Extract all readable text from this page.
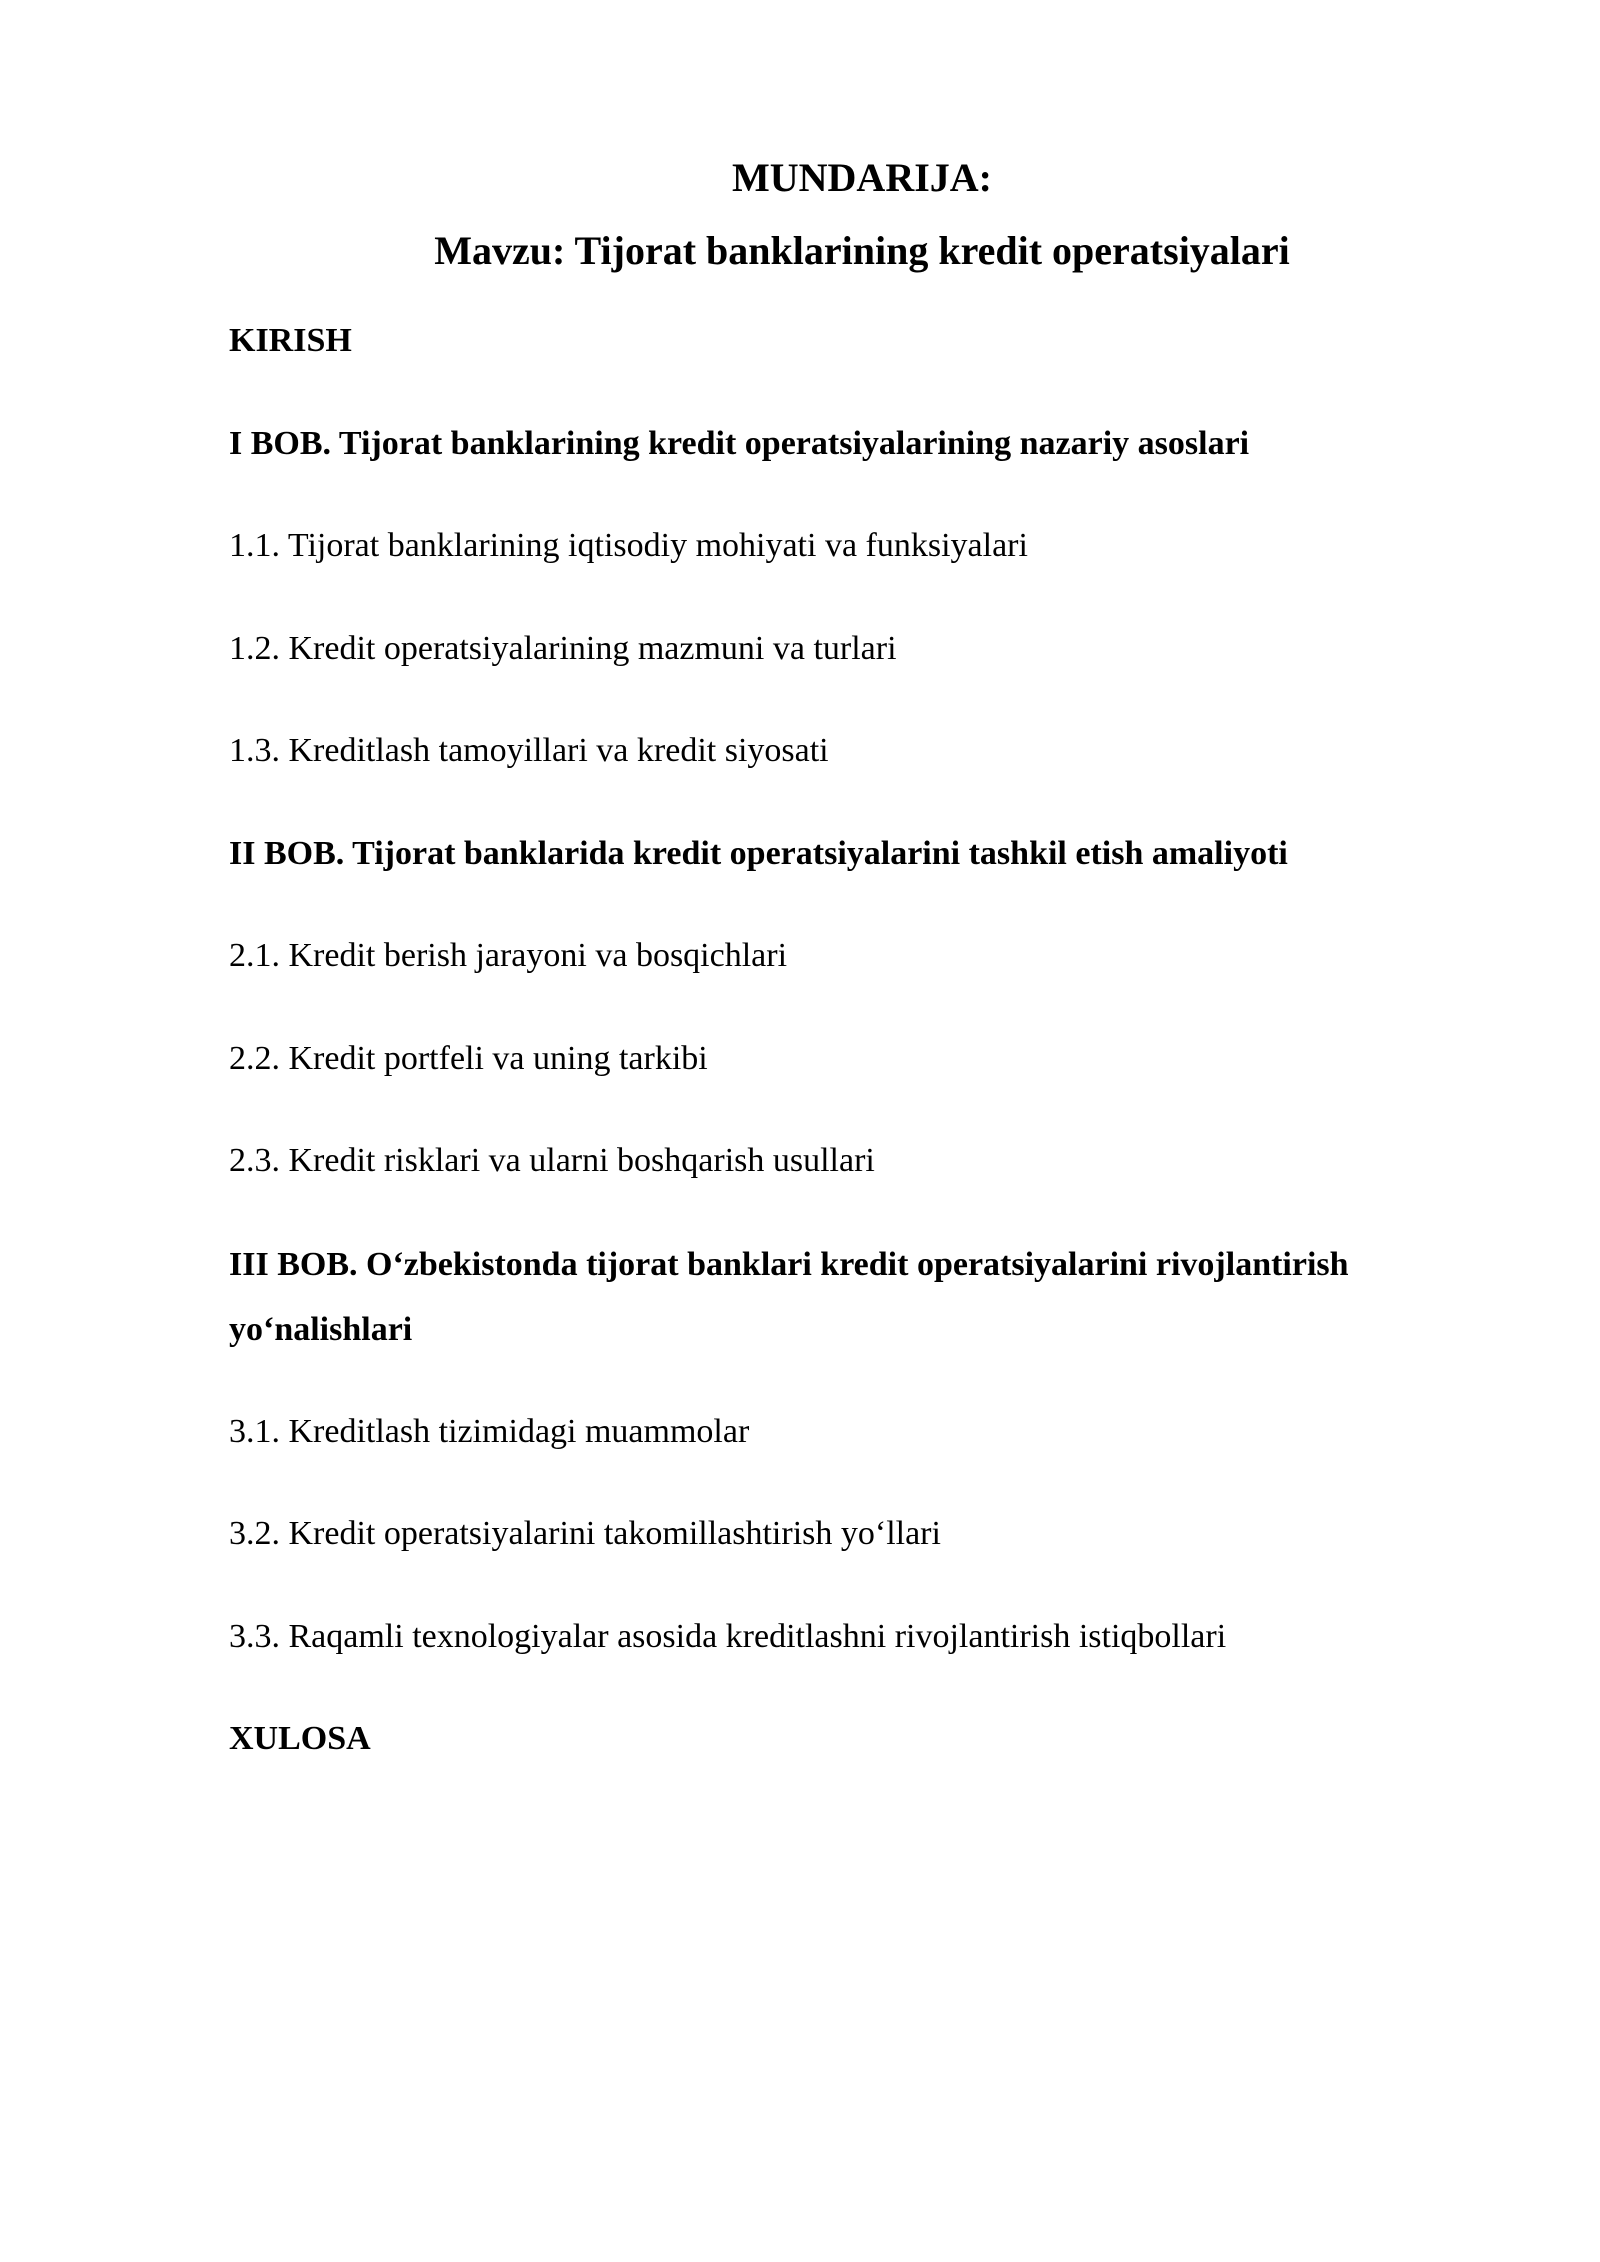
MUNDARIJA:
Mavzu: Tijorat banklarining kredit operatsiyalari
KIRISH
I BOB. Tijorat banklarining kredit operatsiyalarining nazariy asoslari
1.1. Tijorat banklarining iqtisodiy mohiyati va funksiyalari
1.2. Kredit operatsiyalarining mazmuni va turlari
1.3. Kreditlash tamoyillari va kredit siyosati
II BOB. Tijorat banklarida kredit operatsiyalarini tashkil etish amaliyoti
2.1. Kredit berish jarayoni va bosqichlari
2.2. Kredit portfeli va uning tarkibi
2.3. Kredit risklari va ularni boshqarish usullari
III BOB. O‘zbekistonda tijorat banklari kredit operatsiyalarini rivojlantirish yo‘nalishlari
3.1. Kreditlash tizimidagi muammolar
3.2. Kredit operatsiyalarini takomillashtirish yo‘llari
3.3. Raqamli texnologiyalar asosida kreditlashni rivojlantirish istiqbollari
XULOSA
